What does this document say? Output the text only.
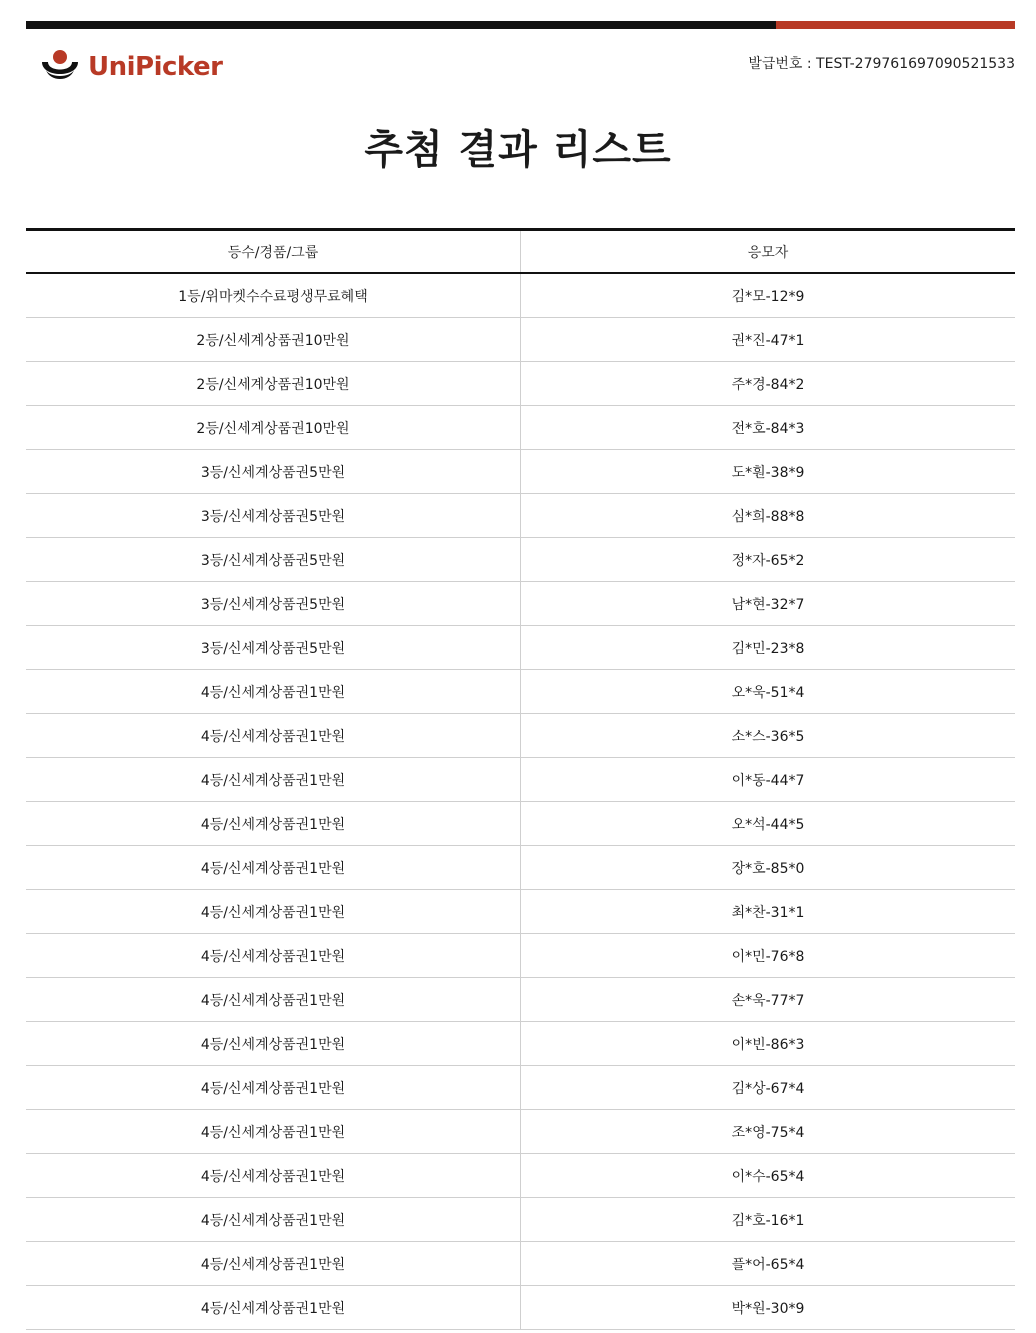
UniPicker	발급번호 : TEST-279761697090521533
추첨 결과 리스트
등수/경품/그룹	응모자
1등/위마켓수수료평생무료혜택	김*모-12*9
2등/신세계상품권10만원	권*진-47*1
2등/신세계상품권10만원	주*경-84*2
2등/신세계상품권10만원	전*호-84*3
3등/신세계상품권5만원	도*훤-38*9
3등/신세계상품권5만원	심*희-88*8
3등/신세계상품권5만원	정*자-65*2
3등/신세계상품권5만원	남*현-32*7
3등/신세계상품권5만원	김*민-23*8
4등/신세계상품권1만원	오*욱-51*4
4등/신세계상품권1만원	소*스-36*5
4등/신세계상품권1만원	이*동-44*7
4등/신세계상품권1만원	오*석-44*5
4등/신세계상품권1만원	장*호-85*0
4등/신세계상품권1만원	최*찬-31*1
4등/신세계상품권1만원	이*민-76*8
4등/신세계상품권1만원	손*욱-77*7
4등/신세계상품권1만원	이*빈-86*3
4등/신세계상품권1만원	김*상-67*4
4등/신세계상품권1만원	조*영-75*4
4등/신세계상품권1만원	이*수-65*4
4등/신세계상품권1만원	김*호-16*1
4등/신세계상품권1만원	플*어-65*4
4등/신세계상품권1만원	박*원-30*9
